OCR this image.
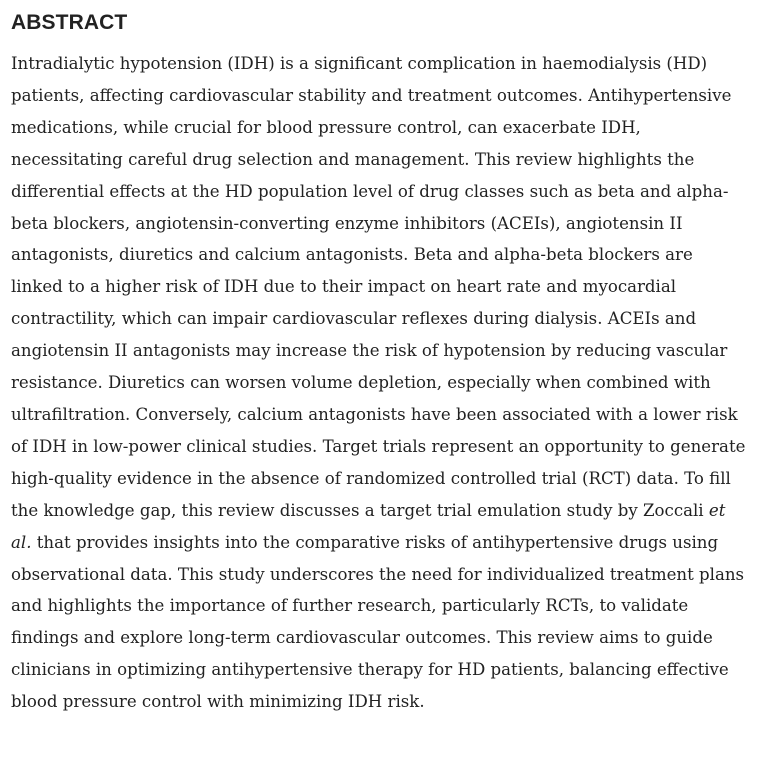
ABSTRACT

Intradialytic hypotension (IDH) is a significant complication in haemodialysis (HD) patients, affecting cardiovascular stability and treatment outcomes. Antihypertensive medications, while crucial for blood pressure control, can exacerbate IDH, necessitating careful drug selection and management. This review highlights the differential effects at the HD population level of drug classes such as beta and alpha-beta blockers, angiotensin-converting enzyme inhibitors (ACEIs), angiotensin II antagonists, diuretics and calcium antagonists. Beta and alpha-beta blockers are linked to a higher risk of IDH due to their impact on heart rate and myocardial contractility, which can impair cardiovascular reflexes during dialysis. ACEIs and angiotensin II antagonists may increase the risk of hypotension by reducing vascular resistance. Diuretics can worsen volume depletion, especially when combined with ultrafiltration. Conversely, calcium antagonists have been associated with a lower risk of IDH in low-power clinical studies. Target trials represent an opportunity to generate high-quality evidence in the absence of randomized controlled trial (RCT) data. To fill the knowledge gap, this review discusses a target trial emulation study by Zoccali et al. that provides insights into the comparative risks of antihypertensive drugs using observational data. This study underscores the need for individualized treatment plans and highlights the importance of further research, particularly RCTs, to validate findings and explore long-term cardiovascular outcomes. This review aims to guide clinicians in optimizing antihypertensive therapy for HD patients, balancing effective blood pressure control with minimizing IDH risk.
